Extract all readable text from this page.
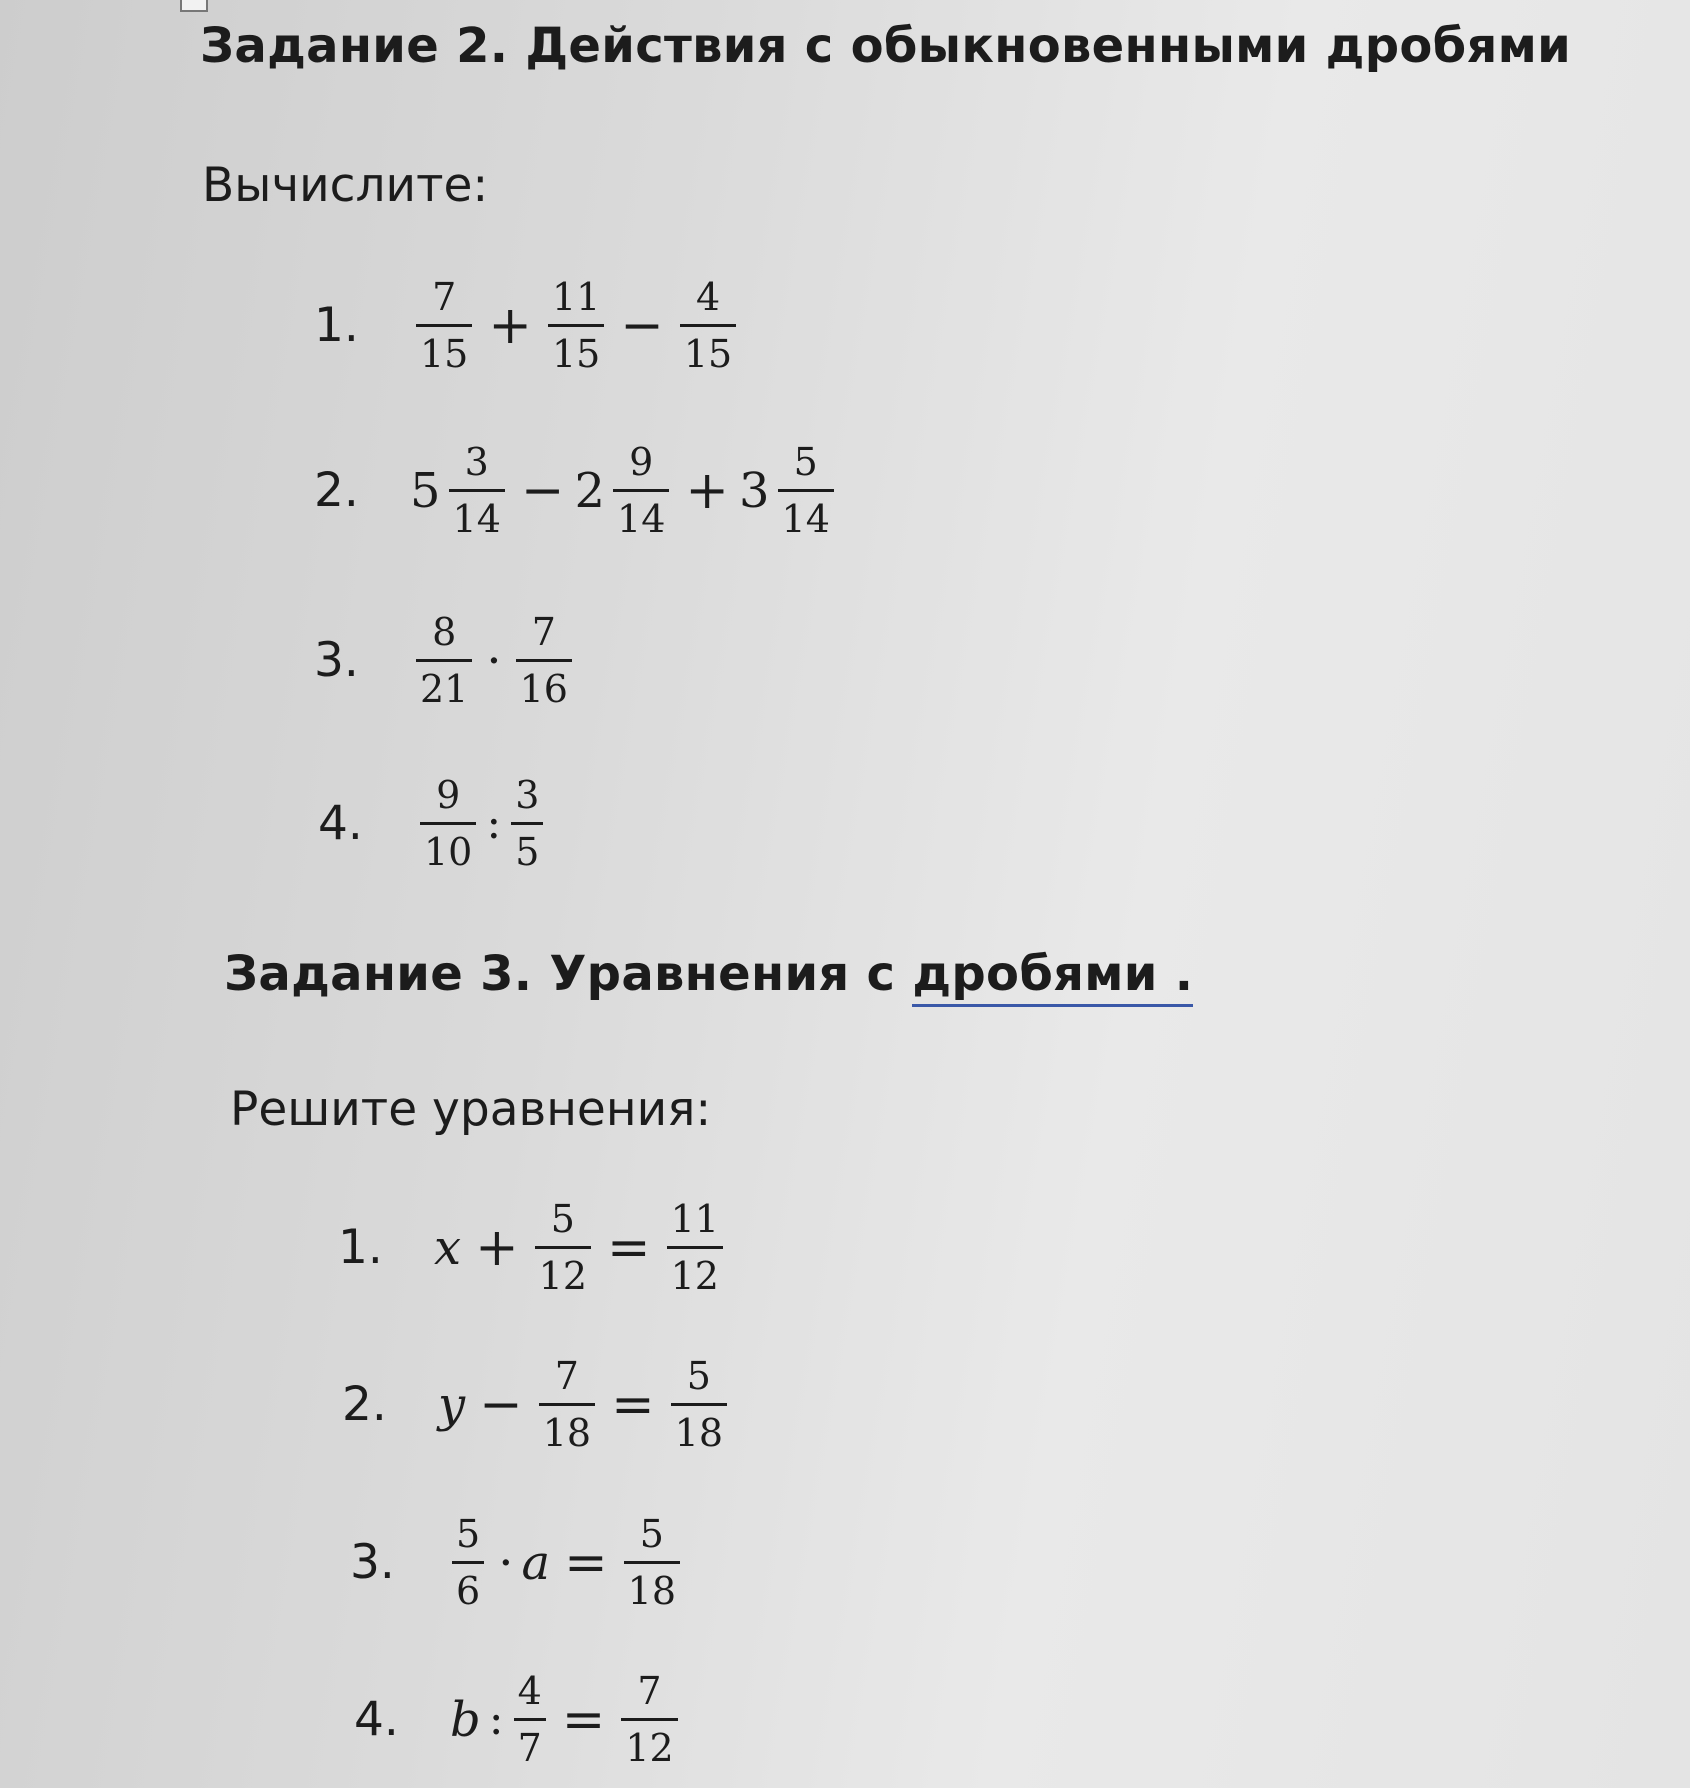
Задание 2. Действия с обыкновенными дробями
Вычислите:
1.	$\frac{7}{15} + \frac{11}{15} - \frac{4}{15}$
2.	$5 \frac{3}{14} - 2 \frac{9}{14} + 3 \frac{5}{14}$
3.	$\frac{8}{21} \cdot \frac{7}{16}$
4.	$\frac{9}{10}$ : $\frac{3}{5}$
Задание 3. Уравнения с дробями .
Решите уравнения:
1.	$x + \frac{5}{12} = \frac{11}{12}$
2.	$y - \frac{7}{18} = \frac{5}{18}$
3.	$\frac{5}{6} \cdot a = \frac{5}{18}$
4.	b : $\frac{4}{7} = \frac{7}{12}$
